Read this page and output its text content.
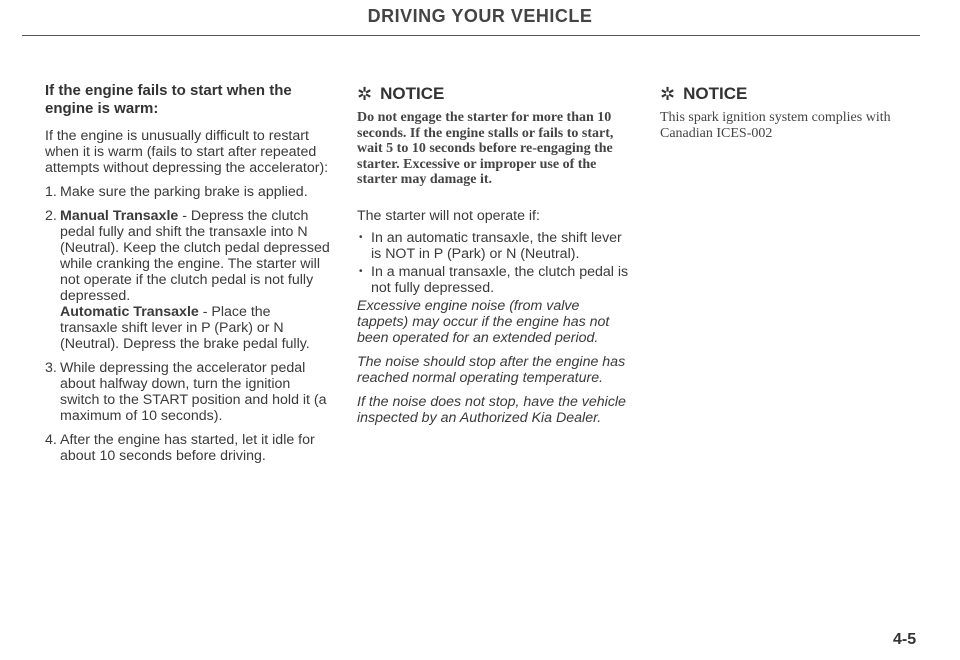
DRIVING YOUR VEHICLE
If the engine fails to start when the engine is warm:

If the engine is unusually difficult to restart when it is warm (fails to start after repeated attempts without depressing the accelerator):

1. Make sure the parking brake is applied.
2. Manual Transaxle - Depress the clutch pedal fully and shift the transaxle into N (Neutral). Keep the clutch pedal depressed while cranking the engine. The starter will not operate if the clutch pedal is not fully depressed.
Automatic Transaxle - Place the transaxle shift lever in P (Park) or N (Neutral). Depress the brake pedal fully.
3. While depressing the accelerator pedal about halfway down, turn the ignition switch to the START position and hold it (a maximum of 10 seconds).
4. After the engine has started, let it idle for about 10 seconds before driving.
✲ NOTICE
Do not engage the starter for more than 10 seconds. If the engine stalls or fails to start, wait 5 to 10 seconds before re-engaging the starter. Excessive or improper use of the starter may damage it.

The starter will not operate if:

• In an automatic transaxle, the shift lever is NOT in P (Park) or N (Neutral).
• In a manual transaxle, the clutch pedal is not fully depressed.

Excessive engine noise (from valve tappets) may occur if the engine has not been operated for an extended period.

The noise should stop after the engine has reached normal operating temperature.

If the noise does not stop, have the vehicle inspected by an Authorized Kia Dealer.

✲ NOTICE
This spark ignition system complies with Canadian ICES-002
4-5
